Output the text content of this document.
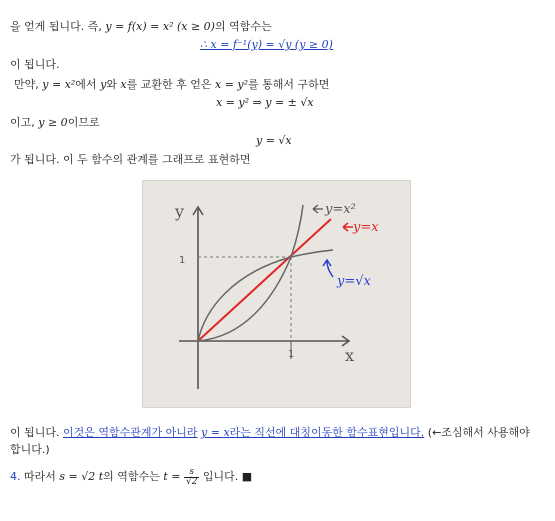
을 얻게 됩니다. 즉, y = f(x) = x² (x ≥ 0)의 역함수는
∴ x = f⁻¹(y) = √y (y ≥ 0)
이 됩니다.
만약, y = x²에서 y와 x를 교환한 후 얻은 x = y²를 통해서 구하면
x = y² ⇒ y = ± √x
이고, y ≥ 0이므로
y = √x
가 됩니다. 이 두 함수의 관계를 그래프로 표현하면
y
x
1
1
y=x²
y=x
y=√x
이 됩니다. 이것은 역함수관계가 아니라 y = x라는 직선에 대칭이동한 함수표현입니다. (←조심해서 사용해야
합니다.)
4. 따라서 s = √2 t의 역함수는 $t = \frac{s}{√2}$ 입니다. ■
